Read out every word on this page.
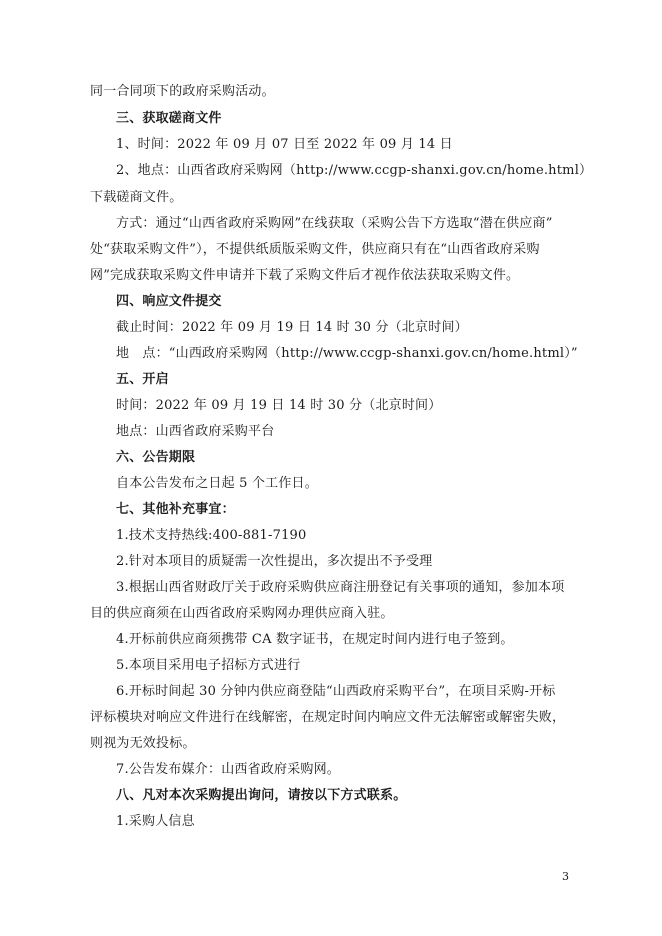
同一合同项下的政府采购活动。
三、获取磋商文件
1、时间：2022 年 09 月 07 日至 2022 年 09 月 14 日
2、地点：山西省政府采购网（http://www.ccgp-shanxi.gov.cn/home.html）
下载磋商文件。
方式：通过“山西省政府采购网”在线获取（采购公告下方选取“潜在供应商”
处“获取采购文件”），不提供纸质版采购文件，供应商只有在“山西省政府采购
网”完成获取采购文件申请并下载了采购文件后才视作依法获取采购文件。
四、响应文件提交
截止时间：2022 年 09 月 19 日 14 时 30 分（北京时间）
地　点：“山西政府采购网（http://www.ccgp-shanxi.gov.cn/home.html）”
五、开启
时间：2022 年 09 月 19 日 14 时 30 分（北京时间）
地点：山西省政府采购平台
六、公告期限
自本公告发布之日起 5 个工作日。
七、其他补充事宜：
1.技术支持热线:400-881-7190
2.针对本项目的质疑需一次性提出，多次提出不予受理
3.根据山西省财政厅关于政府采购供应商注册登记有关事项的通知，参加本项
目的供应商须在山西省政府采购网办理供应商入驻。
4.开标前供应商须携带 CA 数字证书，在规定时间内进行电子签到。
5.本项目采用电子招标方式进行
6.开标时间起 30 分钟内供应商登陆“山西政府采购平台”，在项目采购-开标
评标模块对响应文件进行在线解密，在规定时间内响应文件无法解密或解密失败，
则视为无效投标。
7.公告发布媒介：山西省政府采购网。
八、凡对本次采购提出询问，请按以下方式联系。
1.采购人信息
3
